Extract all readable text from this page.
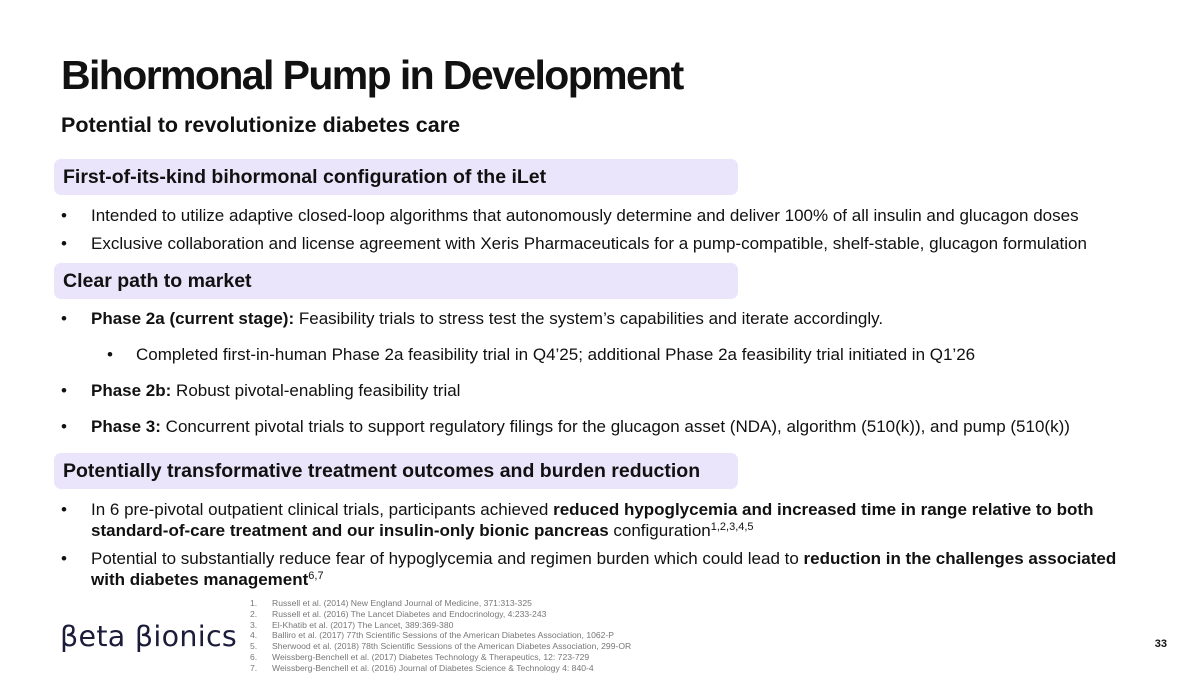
Bihormonal Pump in Development
Potential to revolutionize diabetes care
First-of-its-kind bihormonal configuration of the iLet
• Intended to utilize adaptive closed-loop algorithms that autonomously determine and deliver 100% of all insulin and glucagon doses
• Exclusive collaboration and license agreement with Xeris Pharmaceuticals for a pump-compatible, shelf-stable, glucagon formulation
Clear path to market
• Phase 2a (current stage): Feasibility trials to stress test the system’s capabilities and iterate accordingly.
• Completed first-in-human Phase 2a feasibility trial in Q4’25; additional Phase 2a feasibility trial initiated in Q1’26
• Phase 2b: Robust pivotal-enabling feasibility trial
• Phase 3: Concurrent pivotal trials to support regulatory filings for the glucagon asset (NDA), algorithm (510(k)), and pump (510(k))
Potentially transformative treatment outcomes and burden reduction
• In 6 pre-pivotal outpatient clinical trials, participants achieved reduced hypoglycemia and increased time in range relative to both standard-of-care treatment and our insulin-only bionic pancreas configuration$^{1,2,3,4,5}$
• Potential to substantially reduce fear of hypoglycemia and regimen burden which could lead to reduction in the challenges associated with diabetes management$^{6,7}$
1. Russell et al. (2014) New England Journal of Medicine, 371:313-325
2. Russell et al. (2016) The Lancet Diabetes and Endocrinology, 4:233-243
3. El-Khatib et al. (2017) The Lancet, 389:369-380
4. Balliro et al. (2017) 77th Scientific Sessions of the American Diabetes Association, 1062-P
5. Sherwood et al. (2018) 78th Scientific Sessions of the American Diabetes Association, 299-OR
6. Weissberg-Benchell et al. (2017) Diabetes Technology & Therapeutics, 12: 723-729
7. Weissberg-Benchell et al. (2016) Journal of Diabetes Science & Technology 4: 840-4
βeta βionics	33
